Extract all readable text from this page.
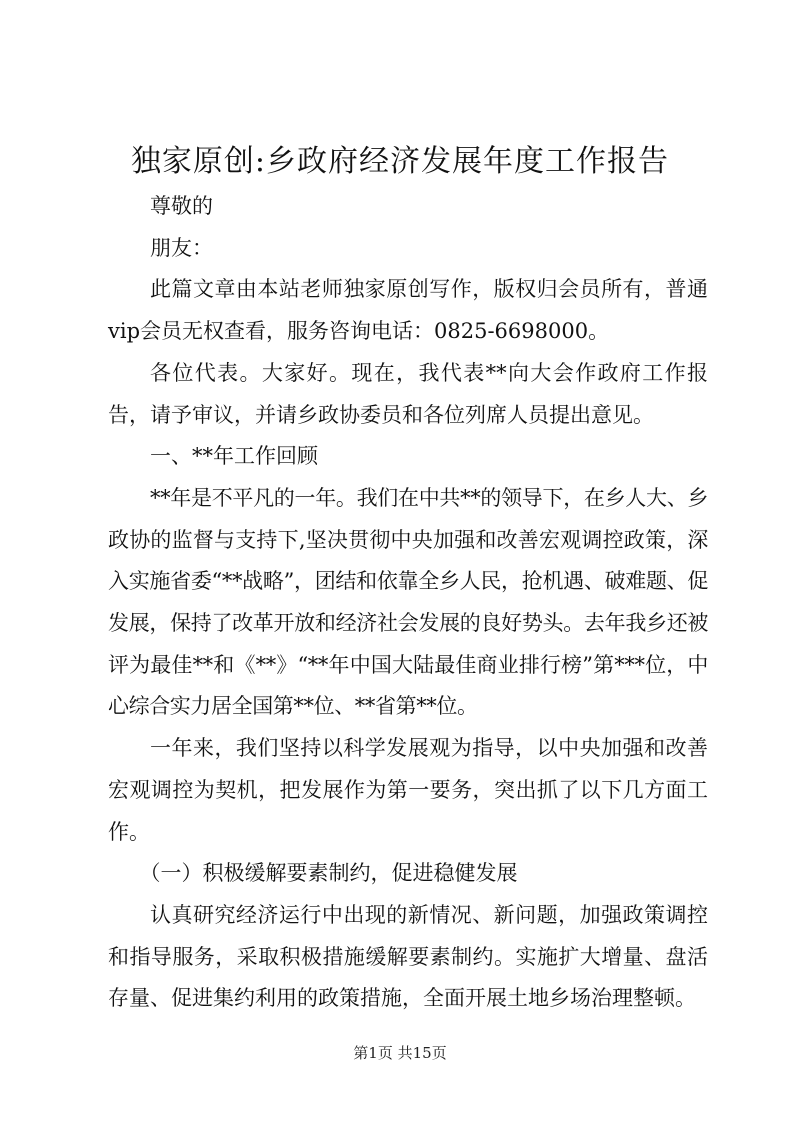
独家原创:乡政府经济发展年度工作报告

尊敬的

朋友：

此篇文章由本站老师独家原创写作，版权归会员所有，普通vip会员无权查看，服务咨询电话：0825-6698000。

各位代表。大家好。现在，我代表**向大会作政府工作报告，请予审议，并请乡政协委员和各位列席人员提出意见。

一、**年工作回顾

**年是不平凡的一年。我们在中共**的领导下，在乡人大、乡政协的监督与支持下,坚决贯彻中央加强和改善宏观调控政策，深入实施省委“**战略”，团结和依靠全乡人民，抢机遇、破难题、促发展，保持了改革开放和经济社会发展的良好势头。去年我乡还被评为最佳**和《**》“**年中国大陆最佳商业排行榜”第***位，中心综合实力居全国第**位、**省第**位。

一年来，我们坚持以科学发展观为指导，以中央加强和改善宏观调控为契机，把发展作为第一要务，突出抓了以下几方面工作。

（一）积极缓解要素制约，促进稳健发展

认真研究经济运行中出现的新情况、新问题，加强政策调控和指导服务，采取积极措施缓解要素制约。实施扩大增量、盘活存量、促进集约利用的政策措施，全面开展土地乡场治理整顿。

第1页 共15页
